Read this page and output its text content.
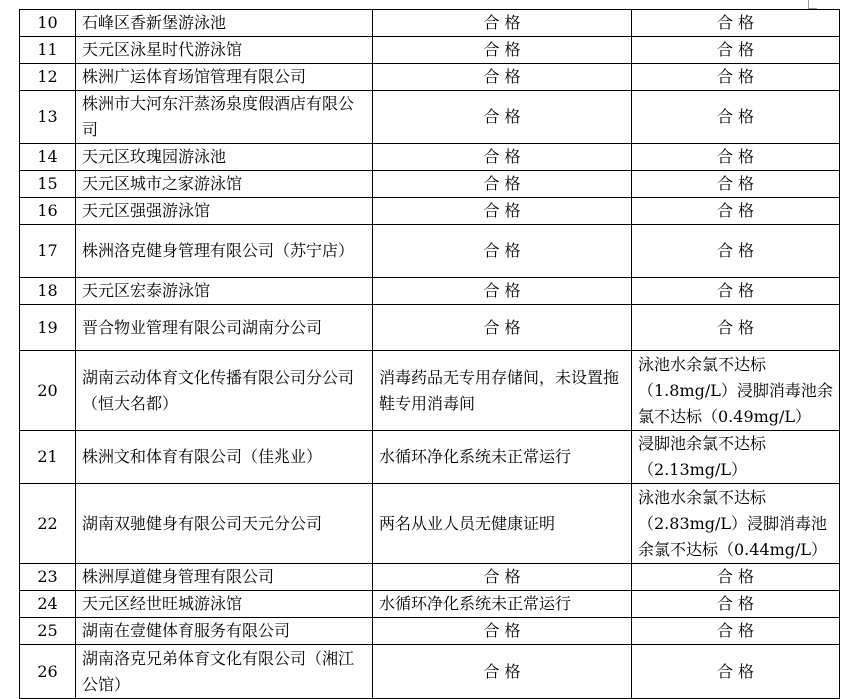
10	石峰区香新堡游泳池	合 格	合 格
11	天元区泳星时代游泳馆	合 格	合 格
12	株洲广运体育场馆管理有限公司	合 格	合 格
13	株洲市大河东汗蒸汤泉度假酒店有限公司	合 格	合 格
14	天元区玫瑰园游泳池	合 格	合 格
15	天元区城市之家游泳馆	合 格	合 格
16	天元区强强游泳馆	合 格	合 格
17	株洲洛克健身管理有限公司（苏宁店）	合 格	合 格
18	天元区宏泰游泳馆	合 格	合 格
19	晋合物业管理有限公司湖南分公司	合 格	合 格
20	湖南云动体育文化传播有限公司分公司（恒大名都）	消毒药品无专用存储间，未设置拖鞋专用消毒间	泳池水余氯不达标（1.8mg/L）浸脚消毒池余氯不达标（0.49mg/L）
21	株洲文和体育有限公司（佳兆业）	水循环净化系统未正常运行	浸脚池余氯不达标（2.13mg/L）
22	湖南双驰健身有限公司天元分公司	两名从业人员无健康证明	泳池水余氯不达标（2.83mg/L）浸脚消毒池余氯不达标（0.44mg/L）
23	株洲厚道健身管理有限公司	合 格	合 格
24	天元区经世旺城游泳馆	水循环净化系统未正常运行	合 格
25	湖南在壹健体育服务有限公司	合 格	合 格
26	湖南洛克兄弟体育文化有限公司（湘江公馆）	合 格	合 格
